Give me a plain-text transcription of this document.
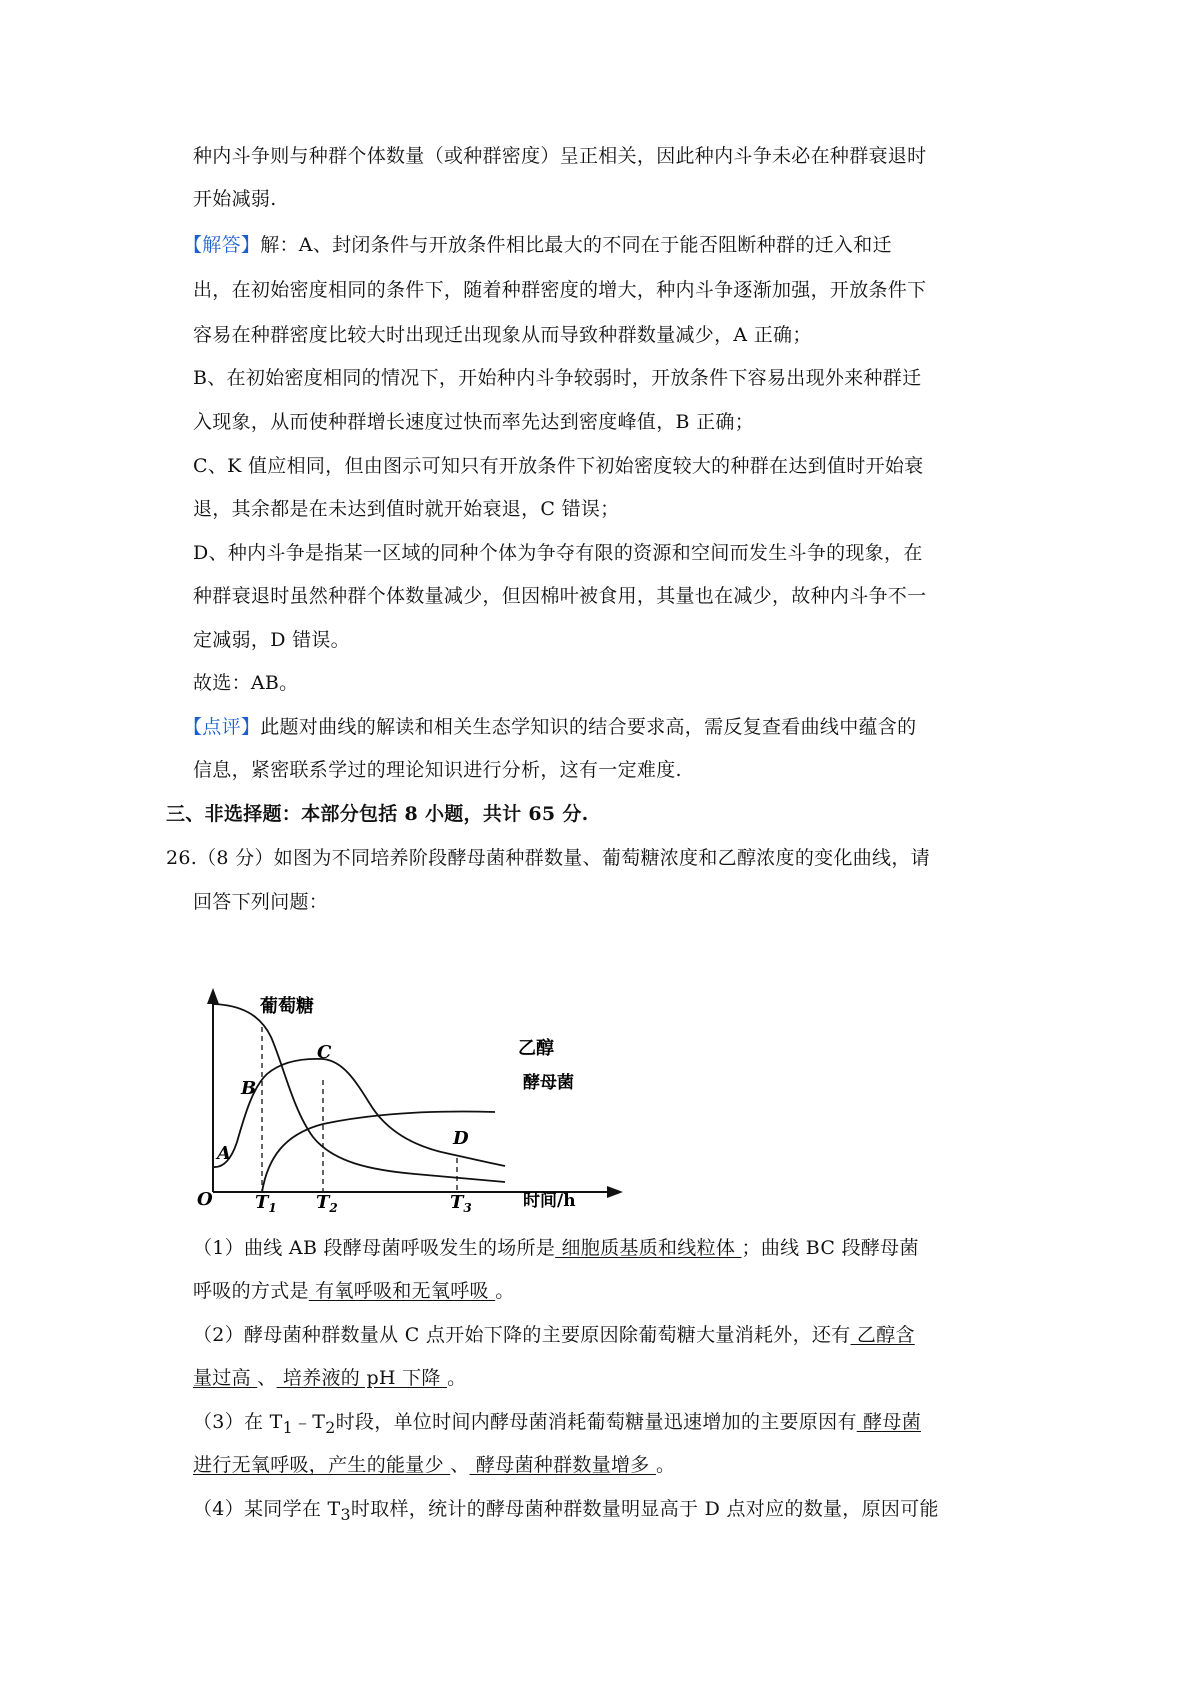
种内斗争则与种群个体数量（或种群密度）呈正相关，因此种内斗争未必在种群衰退时
开始减弱.
【解答】解：A、封闭条件与开放条件相比最大的不同在于能否阻断种群的迁入和迁
出，在初始密度相同的条件下，随着种群密度的增大，种内斗争逐渐加强，开放条件下
容易在种群密度比较大时出现迁出现象从而导致种群数量减少，A 正确；
B、在初始密度相同的情况下，开始种内斗争较弱时，开放条件下容易出现外来种群迁
入现象，从而使种群增长速度过快而率先达到密度峰值，B 正确；
C、K 值应相同，但由图示可知只有开放条件下初始密度较大的种群在达到值时开始衰
退，其余都是在未达到值时就开始衰退，C 错误；
D、种内斗争是指某一区域的同种个体为争夺有限的资源和空间而发生斗争的现象，在
种群衰退时虽然种群个体数量减少，但因棉叶被食用，其量也在减少，故种内斗争不一
定减弱，D 错误。
故选：AB。
【点评】此题对曲线的解读和相关生态学知识的结合要求高，需反复查看曲线中蕴含的
信息，紧密联系学过的理论知识进行分析，这有一定难度.
三、非选择题：本部分包括 8 小题，共计 65 分.
26.（8 分）如图为不同培养阶段酵母菌种群数量、葡萄糖浓度和乙醇浓度的变化曲线，请
回答下列问题：
葡萄糖
乙醇
酵母菌
A
B
C
D
O $T_1$ $T_2$	$T_3$	时间/h
（1）曲线 AB 段酵母菌呼吸发生的场所是 细胞质基质和线粒体 ；曲线 BC 段酵母菌
呼吸的方式是 有氧呼吸和无氧呼吸 。
（2）酵母菌种群数量从 C 点开始下降的主要原因除葡萄糖大量消耗外，还有 乙醇含
量过高 、 培养液的 pH 下降 。
（3）在 $T_1﹣T_2$时段，单位时间内酵母菌消耗葡萄糖量迅速增加的主要原因有 酵母菌
进行无氧呼吸，产生的能量少 、 酵母菌种群数量增多 。
（4）某同学在 $T_3$时取样，统计的酵母菌种群数量明显高于 D 点对应的数量，原因可能
